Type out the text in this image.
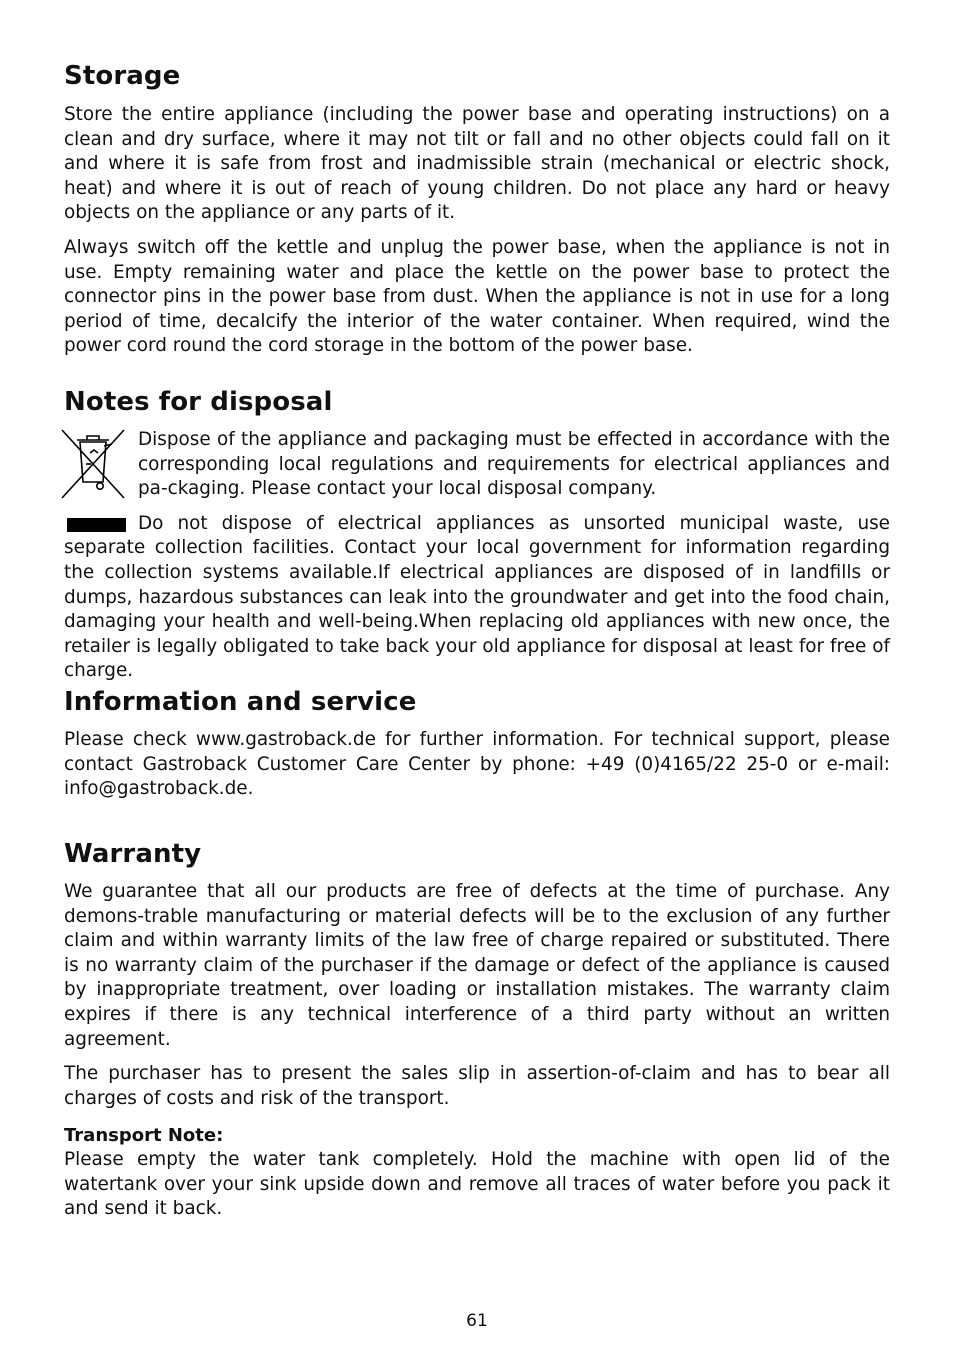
Storage

Store the entire appliance (including the power base and operating instructions) on a clean and dry surface, where it may not tilt or fall and no other objects could fall on it and where it is safe from frost and inadmissible strain (mechanical or electric shock, heat) and where it is out of reach of young children. Do not place any hard or heavy objects on the appliance or any parts of it.

Always switch off the kettle and unplug the power base, when the appliance is not in use. Empty remaining water and place the kettle on the power base to protect the connector pins in the power base from dust. When the appliance is not in use for a long period of time, decalcify the interior of the water container. When required, wind the power cord round the cord storage in the bottom of the power base.

Notes for disposal

Dispose of the appliance and packaging must be effected in accordance with the corresponding local regulations and requirements for electrical appliances and pa-ckaging. Please contact your local disposal company.

Do not dispose of electrical appliances as unsorted municipal waste, use separate collection facilities. Contact your local government for information regarding the collection systems available.If electrical appliances are disposed of in landfills or dumps, hazardous substances can leak into the groundwater and get into the food chain, damaging your health and well-being.When replacing old appliances with new once, the retailer is legally obligated to take back your old appliance for disposal at least for free of charge.

Information and service

Please check www.gastroback.de for further information. For technical support, please contact Gastroback Customer Care Center by phone: +49 (0)4165/22 25-0 or e-mail: info@gastroback.de.

Warranty

We guarantee that all our products are free of defects at the time of purchase. Any demons-trable manufacturing or material defects will be to the exclusion of any further claim and within warranty limits of the law free of charge repaired or substituted. There is no warranty claim of the purchaser if the damage or defect of the appliance is caused by inappropriate treatment, over loading or installation mistakes. The warranty claim expires if there is any technical interference of a third party without an written agreement.

The purchaser has to present the sales slip in assertion-of-claim and has to bear all charges of costs and risk of the transport.

Transport Note:

Please empty the water tank completely. Hold the machine with open lid of the watertank over your sink upside down and remove all traces of water before you pack it and send it back.

61
